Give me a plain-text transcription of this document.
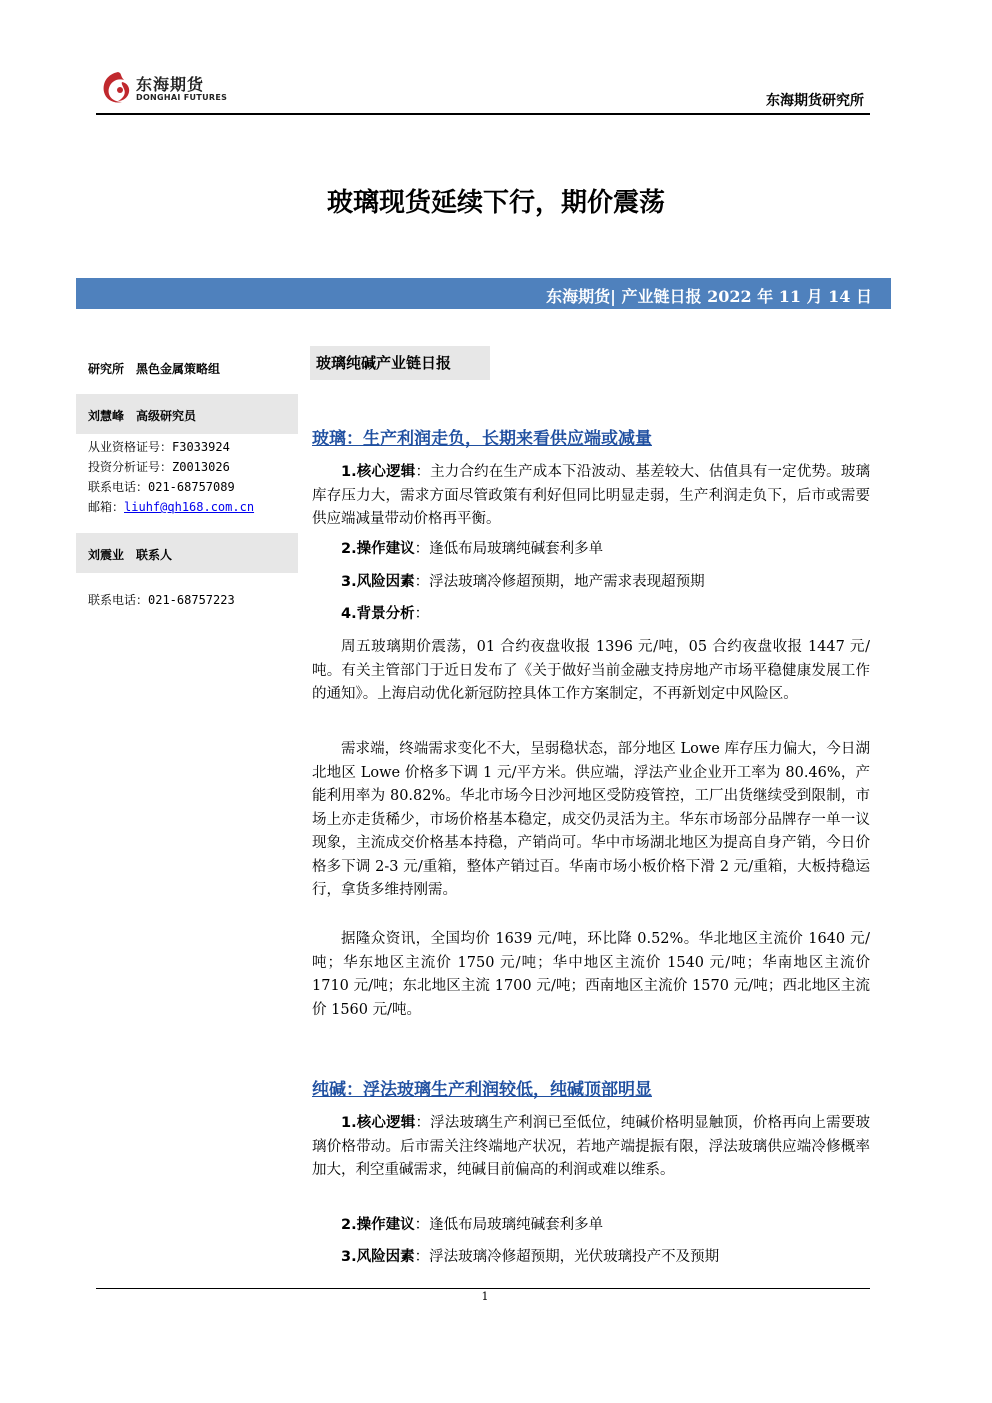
东海期货
DONGHAI FUTURES	东海期货研究所
玻璃现货延续下行，期价震荡
东海期货| 产业链日报 2022 年 11 月 14 日
研究所　黑色金属策略组
刘慧峰　高级研究员
从业资格证号：F3033924
投资分析证号：Z0013026
联系电话：021-68757089
邮箱：liuhf@qh168.com.cn
刘震业　联系人
联系电话：021-68757223
玻璃纯碱产业链日报
玻璃：生产利润走负，长期来看供应端或减量
1.核心逻辑：主力合约在生产成本下沿波动、基差较大、估值具有一定优势。玻璃库存压力大，需求方面尽管政策有利好但同比明显走弱，生产利润走负下，后市或需要供应端减量带动价格再平衡。
2.操作建议：逢低布局玻璃纯碱套利多单
3.风险因素：浮法玻璃冷修超预期，地产需求表现超预期
4.背景分析：
周五玻璃期价震荡，01 合约夜盘收报 1396 元/吨，05 合约夜盘收报 1447 元/吨。有关主管部门于近日发布了《关于做好当前金融支持房地产市场平稳健康发展工作的通知》。上海启动优化新冠防控具体工作方案制定，不再新划定中风险区。
需求端，终端需求变化不大，呈弱稳状态，部分地区 Lowe 库存压力偏大，今日湖北地区 Lowe 价格多下调 1 元/平方米。供应端，浮法产业企业开工率为 80.46%，产能利用率为 80.82%。华北市场今日沙河地区受防疫管控，工厂出货继续受到限制，市场上亦走货稀少，市场价格基本稳定，成交仍灵活为主。华东市场部分品牌存一单一议现象，主流成交价格基本持稳，产销尚可。华中市场湖北地区为提高自身产销，今日价格多下调 2-3 元/重箱，整体产销过百。华南市场小板价格下滑 2 元/重箱，大板持稳运行，拿货多维持刚需。
据隆众资讯，全国均价 1639 元/吨，环比降 0.52%。华北地区主流价 1640 元/吨；华东地区主流价 1750 元/吨；华中地区主流价 1540 元/吨；华南地区主流价 1710 元/吨；东北地区主流 1700 元/吨；西南地区主流价 1570 元/吨；西北地区主流价 1560 元/吨。
纯碱：浮法玻璃生产利润较低，纯碱顶部明显
1.核心逻辑：浮法玻璃生产利润已至低位，纯碱价格明显触顶，价格再向上需要玻璃价格带动。后市需关注终端地产状况，若地产端提振有限，浮法玻璃供应端冷修概率加大，利空重碱需求，纯碱目前偏高的利润或难以维系。
2.操作建议：逢低布局玻璃纯碱套利多单
3.风险因素：浮法玻璃冷修超预期，光伏玻璃投产不及预期
1
